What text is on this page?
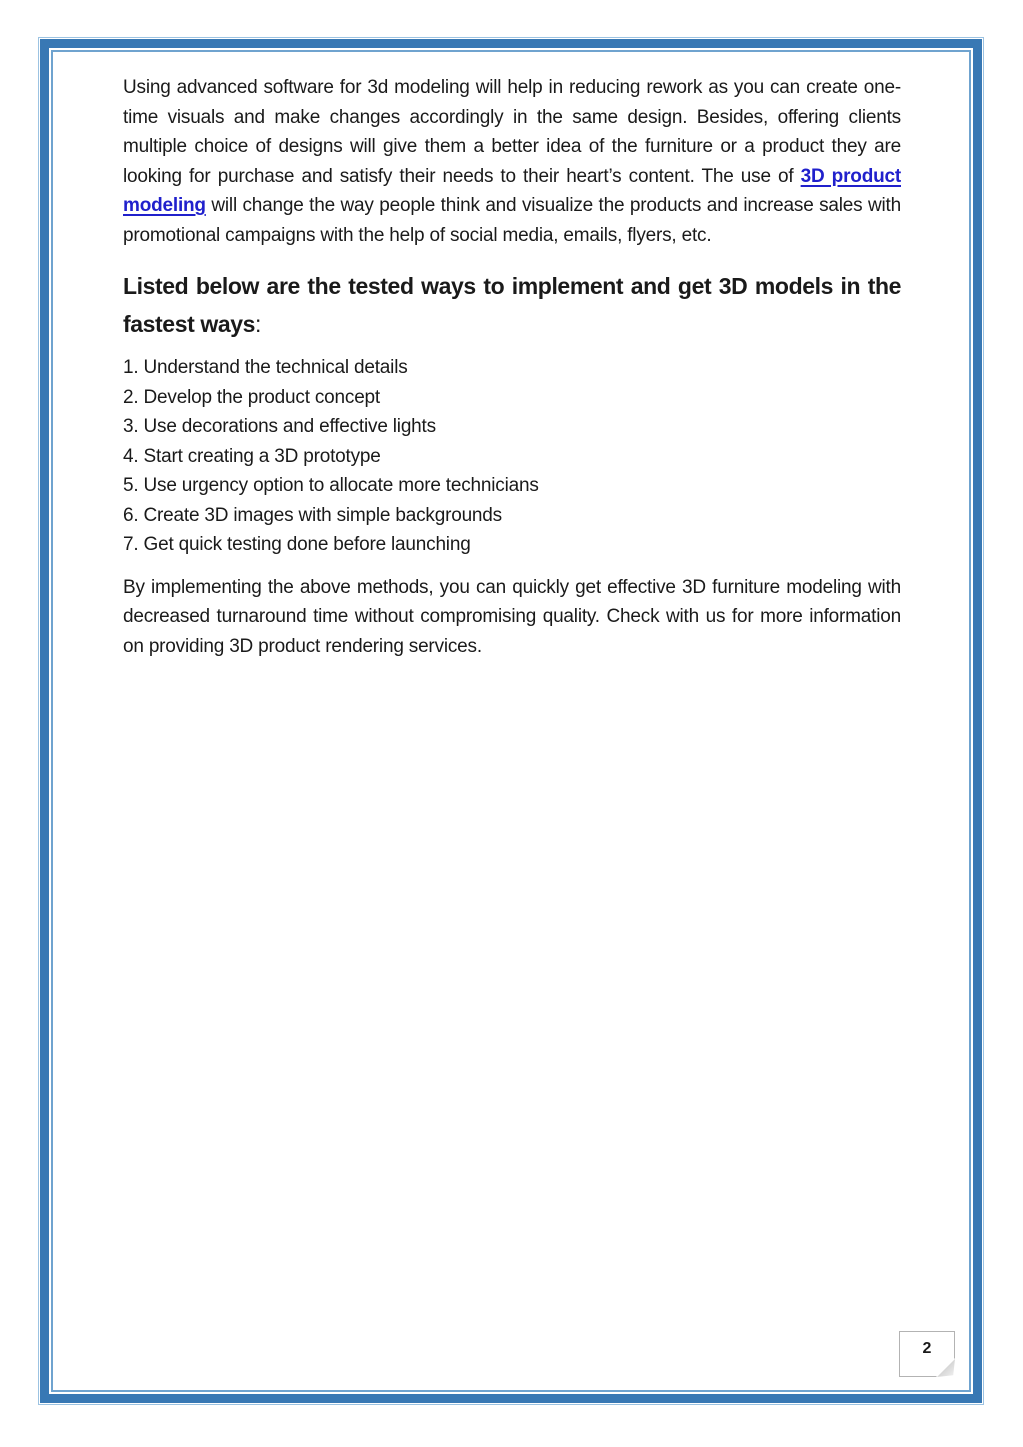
Using advanced software for 3d modeling will help in reducing rework as you can create one-time visuals and make changes accordingly in the same design. Besides, offering clients multiple choice of designs will give them a better idea of the furniture or a product they are looking for purchase and satisfy their needs to their heart’s content. The use of 3D product modeling will change the way people think and visualize the products and increase sales with promotional campaigns with the help of social media, emails, flyers, etc.

Listed below are the tested ways to implement and get 3D models in the fastest ways:
1. Understand the technical details
2. Develop the product concept
3. Use decorations and effective lights
4. Start creating a 3D prototype
5. Use urgency option to allocate more technicians
6. Create 3D images with simple backgrounds
7. Get quick testing done before launching

By implementing the above methods, you can quickly get effective 3D furniture modeling with decreased turnaround time without compromising quality. Check with us for more information on providing 3D product rendering services.

2
